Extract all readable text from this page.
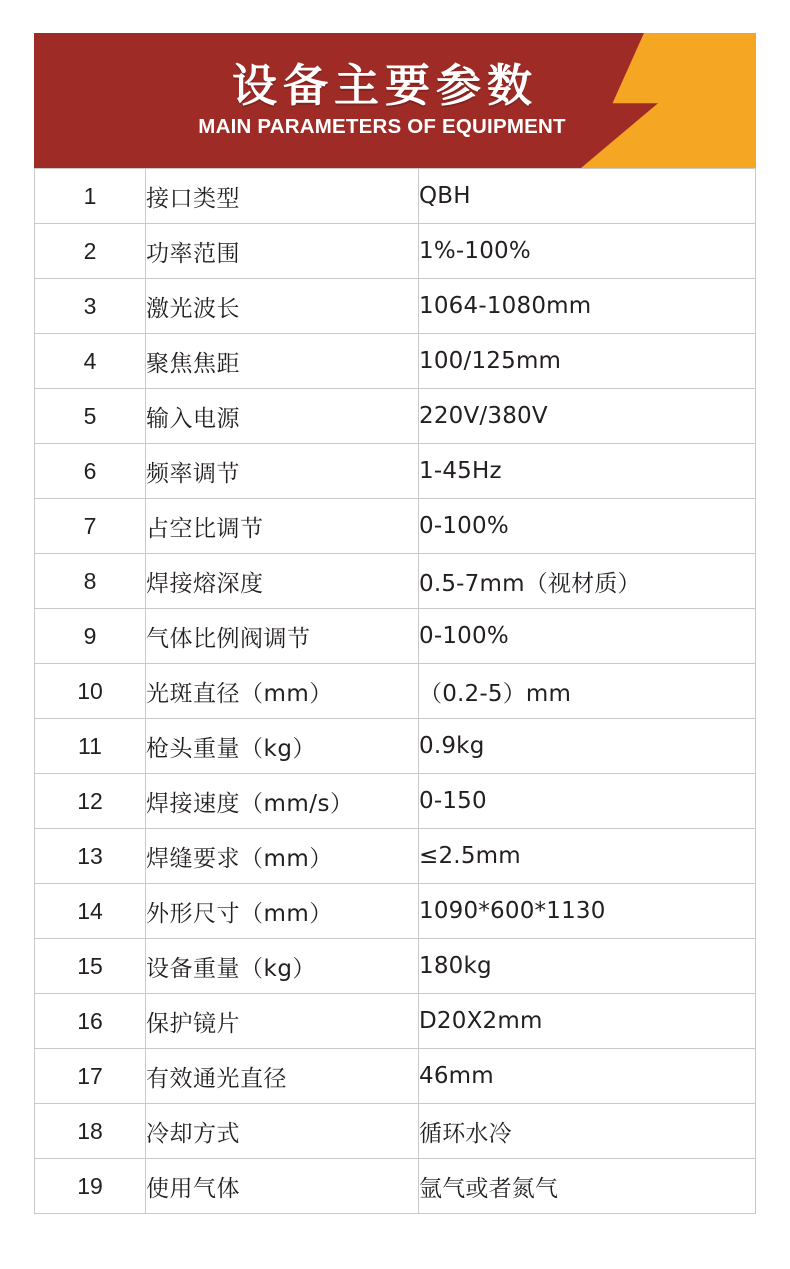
设备主要参数
MAIN PARAMETERS OF EQUIPMENT
1	接口类型	QBH
2	功率范围	1%-100%
3	激光波长	1064-1080mm
4	聚焦焦距	100/125mm
5	输入电源	220V/380V
6	频率调节	1-45Hz
7	占空比调节	0-100%
8	焊接熔深度	0.5-7mm（视材质）
9	气体比例阀调节	0-100%
10	光斑直径（mm）	（0.2-5）mm
11	枪头重量（kg）	0.9kg
12	焊接速度（mm/s）	0-150
13	焊缝要求（mm）	≤2.5mm
14	外形尺寸（mm）	1090*600*1130
15	设备重量（kg）	180kg
16	保护镜片	D20X2mm
17	有效通光直径	46mm
18	冷却方式	循环水冷
19	使用气体	氩气或者氮气
